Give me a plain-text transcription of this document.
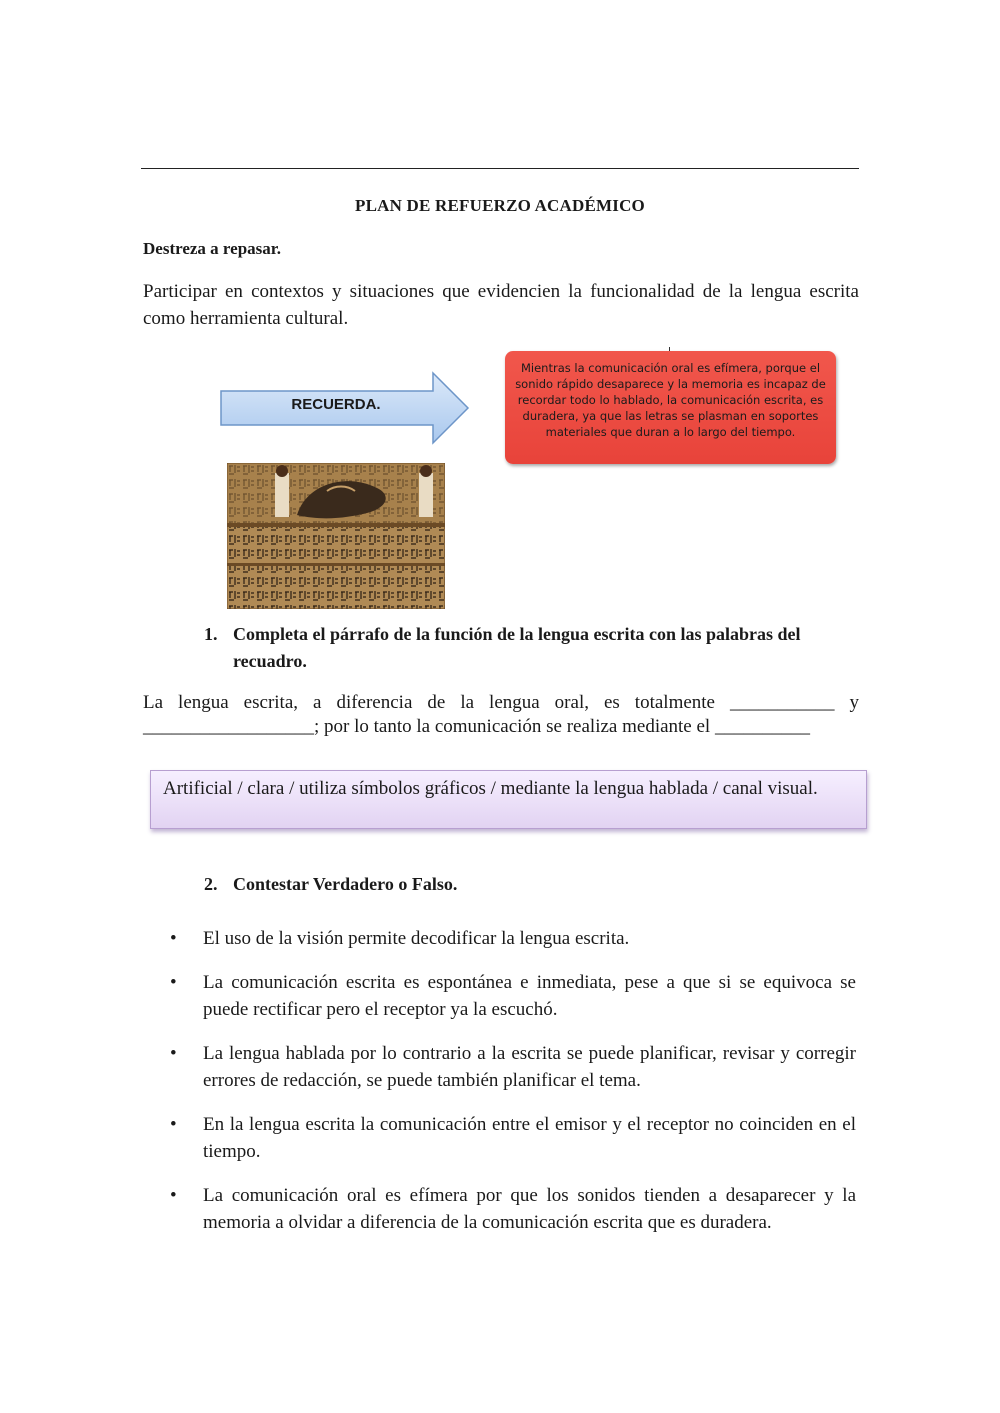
PLAN DE REFUERZO ACADÉMICO
Destreza a repasar.
Participar en contextos y situaciones que evidencien la funcionalidad de la lengua escrita como herramienta cultural.
RECUERDA.
Mientras la comunicación oral es efímera, porque el sonido rápido desaparece y la memoria es incapaz de recordar todo lo hablado, la comunicación escrita, es duradera, ya que las letras se plasman en soportes materiales que duran a lo largo del tiempo.
1. Completa el párrafo de la función de la lengua escrita con las palabras del recuadro.
La lengua escrita, a diferencia de la lengua oral, es totalmente ___________ y __________________; por lo tanto la comunicación se realiza mediante el __________
Artificial / clara / utiliza símbolos gráficos / mediante la lengua hablada / canal visual.
2. Contestar Verdadero o Falso.
• El uso de la visión permite decodificar la lengua escrita.
• La comunicación escrita es espontánea e inmediata, pese a que si se equivoca se puede rectificar pero el receptor ya la escuchó.
• La lengua hablada por lo contrario a la escrita se puede planificar, revisar y corregir errores de redacción, se puede también planificar el tema.
• En la lengua escrita la comunicación entre el emisor y el receptor no coinciden en el tiempo.
• La comunicación oral es efímera por que los sonidos tienden a desaparecer y la memoria a olvidar a diferencia de la comunicación escrita que es duradera.
